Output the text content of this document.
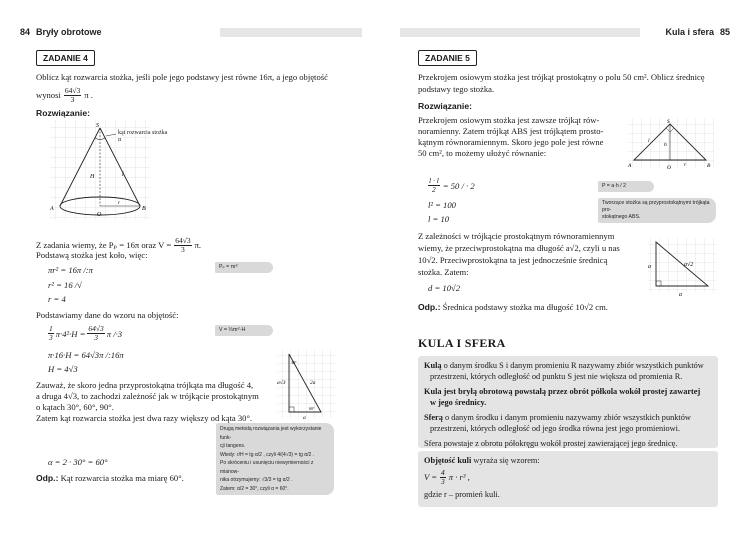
84 Bryły obrotowe
ZADANIE 4
Oblicz kąt rozwarcia stożka, jeśli pole jego podstawy jest równe 16π, a jego objętość
wynosi $\frac{64√3}{3}$ π .
Rozwiązanie:
S
H	l
A
O
B
r
kąt rozwarcia stożka α
Z zadania wiemy, że Pₚ = 16π oraz $V = \frac{64√3}{3} \pi$.
Podstawą stożka jest koło, więc:
πr² = 16π /:π
r² = 16 /√
r = 4
Pₚ = πr²
Podstawiamy dane do wzoru na objętość:
$\frac{1}{3} \pi\cdot 4^2\cdot H = \frac{64√3}{3}$ π /·3	V = ⅓πr²·H
π·16·H = 64√3π /:16π
H = 4√3
a√3	2a
a
30°
60°
Zauważ, że skoro jedna przyprostokątna trójkąta ma długość 4,
a druga 4√3, to zachodzi zależność jak w trójkącie prostokątnym
o kątach 30°, 60°, 90°.
Zatem kąt rozwarcia stożka jest dwa razy większy od kąta 30°.
Drugą metodą rozwiązania jest wykorzystanie funk-
cji tangens.
Wtedy: r/H = tg α/2 , czyli 4/(4√3) = tg α/2 .
Po skróceniu i usunięciu niewymierności z mianow-
nika otrzymujemy: √3/3 = tg α/2 .
Zatem: α/2 = 30°, czyli α = 60°.
α = 2 · 30° = 60°
Odp.: Kąt rozwarcia stożka ma miarę 60°.
Kula i sfera 85
ZADANIE 5
Przekrojem osiowym stożka jest trójkąt prostokątny o polu 50 cm². Oblicz średnicę
podstawy tego stożka.
Rozwiązanie:
Przekrojem osiowym stożka jest zawsze trójkąt rów-
noramienny. Zatem trójkąt ABS jest trójkątem prosto-
kątnym równoramiennym. Skoro jego pole jest równe
50 cm², to możemy ułożyć równanie:
S
h
l
A	O r	B
$\frac{l \cdot l}{2} = 50$ / · 2
l² = 100
l = 10
P = a·h / 2
Tworzące stożka są przyprostokątnymi trójkąta pro-
stokątnego ABS.
Z zależności w trójkącie prostokątnym równoramiennym
wiemy, że przeciwprostokątna ma długość a√2, czyli u nas
10√2. Przeciwprostokątna ta jest jednocześnie średnicą
stożka. Zatem:
d = 10√2
a	a√2
a
Odp.: Średnica podstawy stożka ma długość 10√2 cm.
KULA I SFERA
Kulą o danym środku S i danym promieniu R nazywamy zbiór wszystkich punktów
przestrzeni, których odległość od punktu S jest nie większa od promienia R.
Kula jest bryłą obrotową powstałą przez obrót półkola wokół prostej zawartej
w jego średnicy.
Sferą o danym środku i danym promieniu nazywamy zbiór wszystkich punktów
przestrzeni, których odległość od jego środka równa jest jego promieniowi.
Sfera powstaje z obrotu półokręgu wokół prostej zawierającej jego średnicę.
Objętość kuli wyraża się wzorem:
$V = \frac{4}{3}$ π · r³ ,
gdzie r – promień kuli.
